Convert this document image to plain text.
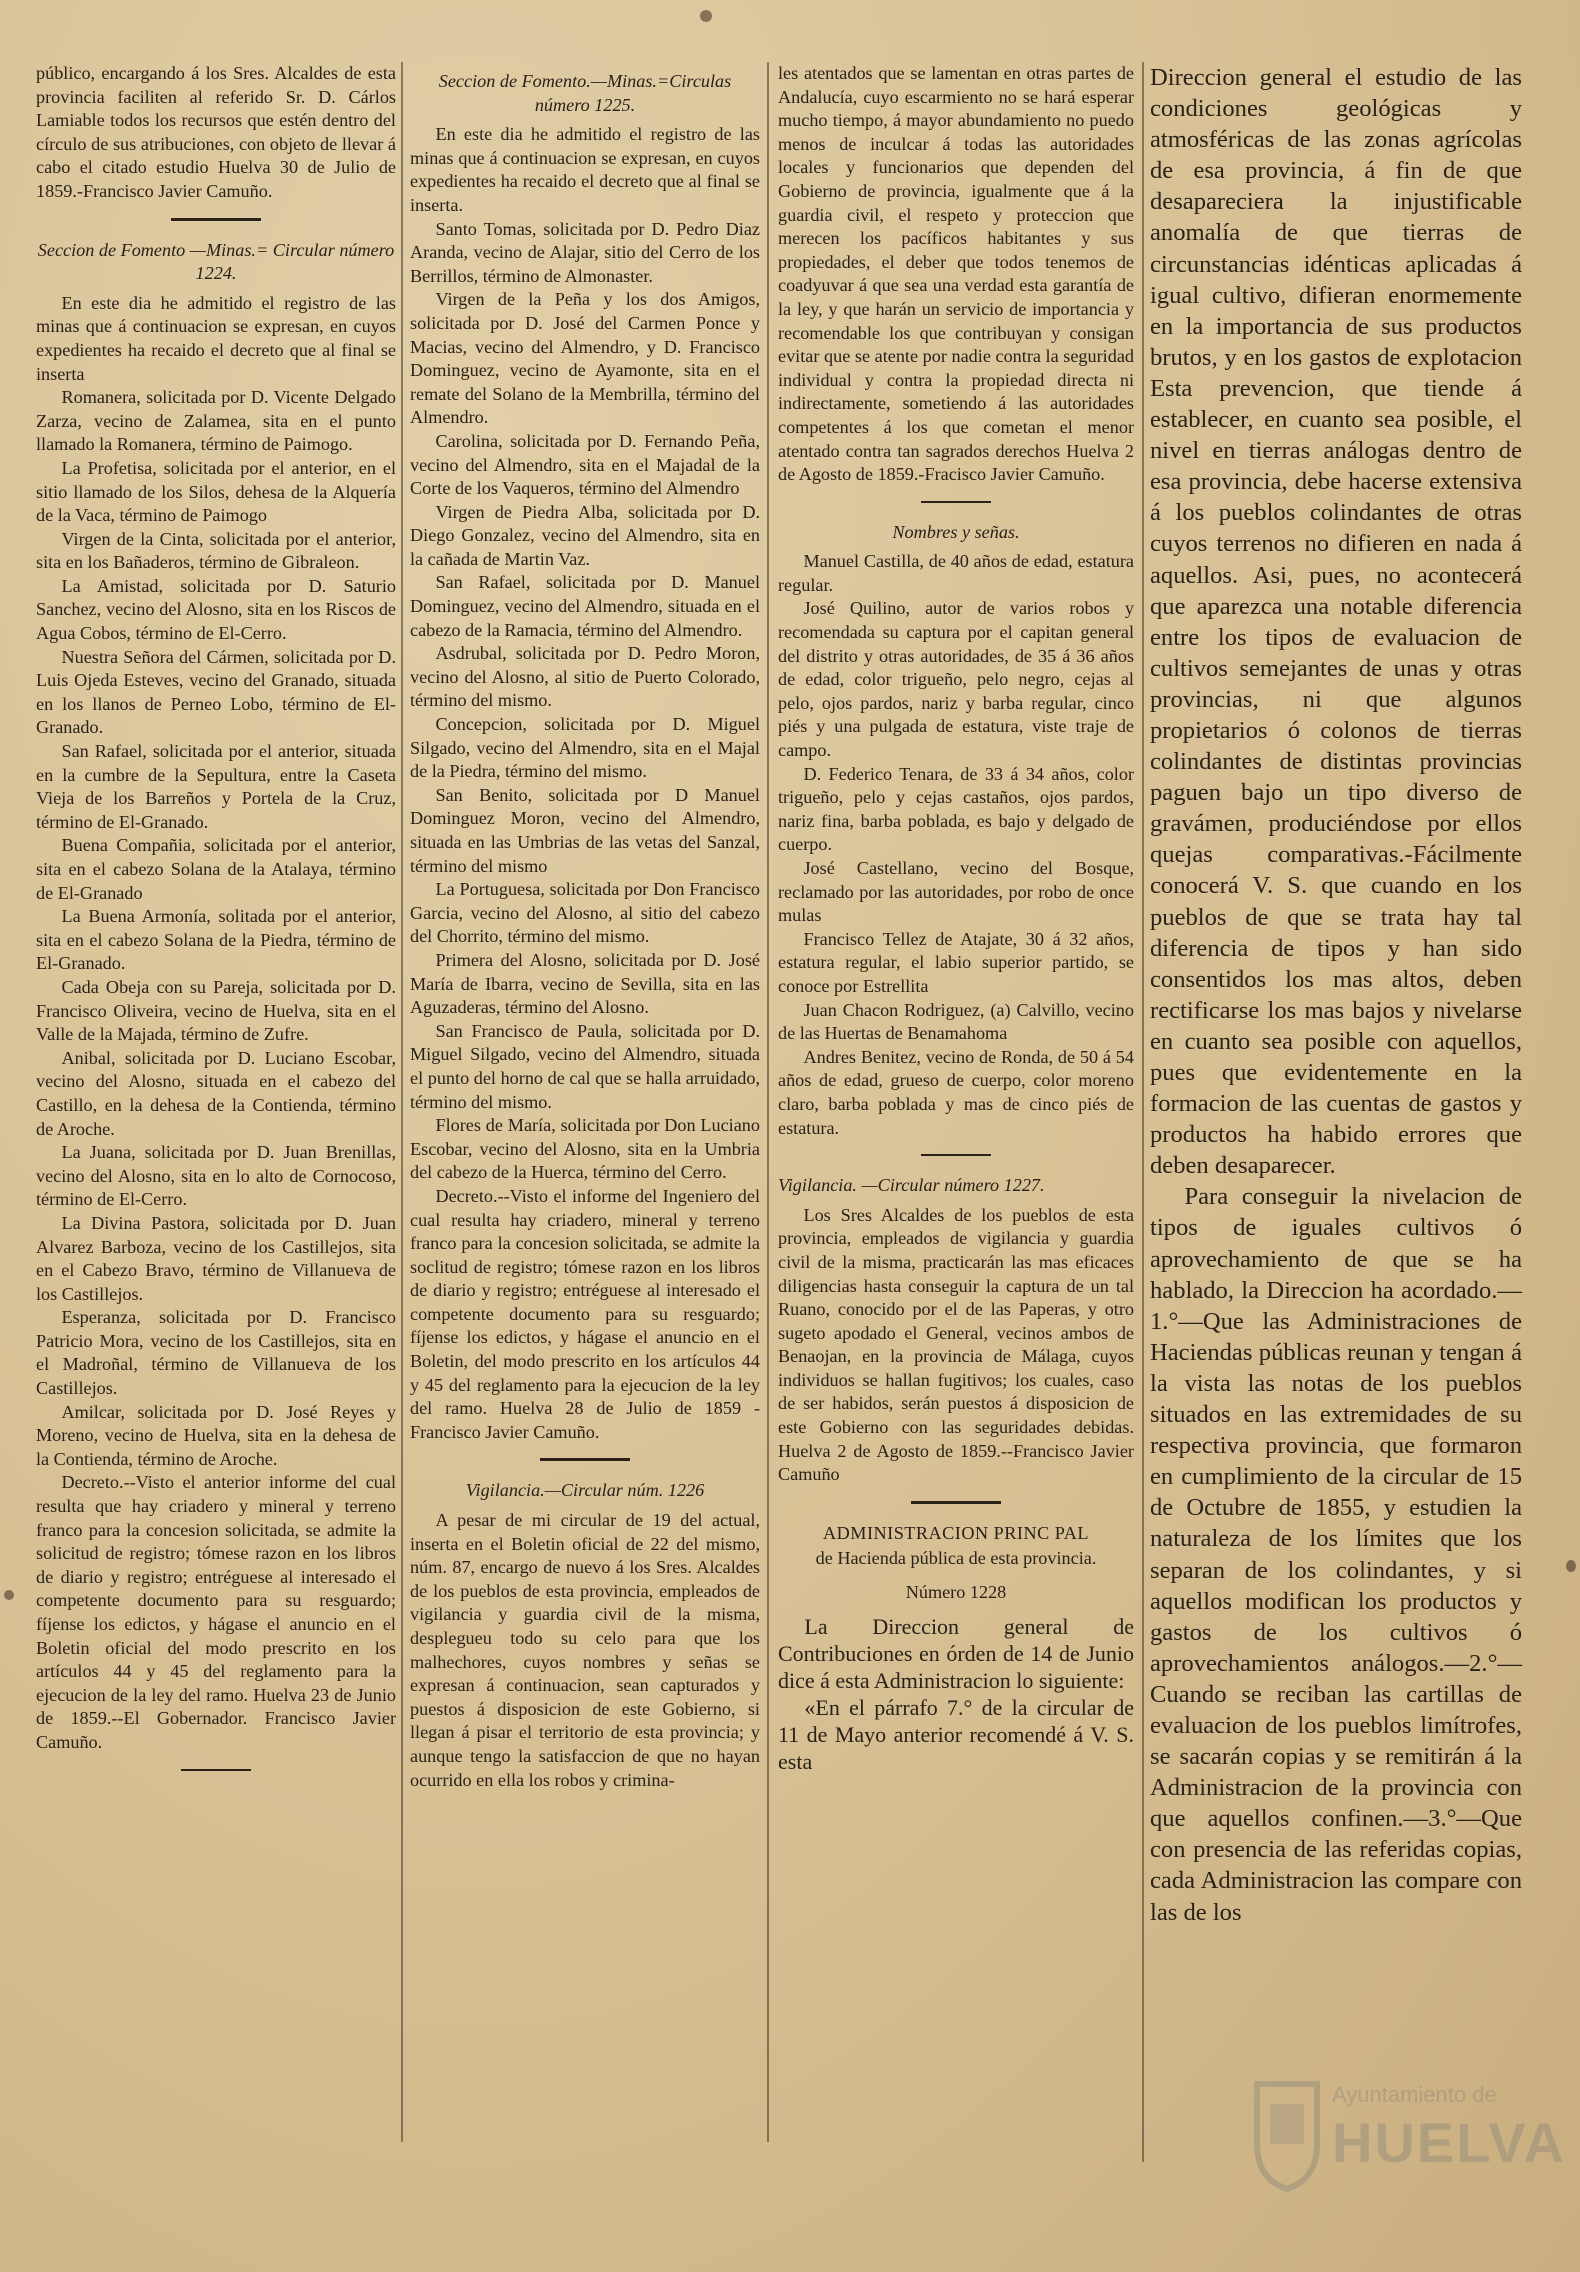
público, encargando á los Sres. Alcaldes de esta provincia faciliten al referido Sr. D. Cárlos Lamiable todos los recursos que estén dentro del círculo de sus atribuciones, con objeto de llevar á cabo el citado estudio Huelva 30 de Julio de 1859.-Francisco Javier Camuño.

Seccion de Fomento —Minas.= Circular número 1224.

En este dia he admitido el registro de las minas que á continuacion se expresan, en cuyos expedientes ha recaido el decreto que al final se inserta

Romanera, solicitada por D. Vicente Delgado Zarza, vecino de Zalamea, sita en el punto llamado la Romanera, término de Paimogo.

La Profetisa, solicitada por el anterior, en el sitio llamado de los Silos, dehesa de la Alquería de la Vaca, término de Paimogo

Virgen de la Cinta, solicitada por el anterior, sita en los Bañaderos, término de Gibraleon.

La Amistad, solicitada por D. Saturio Sanchez, vecino del Alosno, sita en los Riscos de Agua Cobos, término de El-Cerro.

Nuestra Señora del Cármen, solicitada por D. Luis Ojeda Esteves, vecino del Granado, situada en los llanos de Perneo Lobo, término de El-Granado.

San Rafael, solicitada por el anterior, situada en la cumbre de la Sepultura, entre la Caseta Vieja de los Barreños y Portela de la Cruz, término de El-Granado.

Buena Compañia, solicitada por el anterior, sita en el cabezo Solana de la Atalaya, término de El-Granado

La Buena Armonía, solitada por el anterior, sita en el cabezo Solana de la Piedra, término de El-Granado.

Cada Obeja con su Pareja, solicitada por D. Francisco Oliveira, vecino de Huelva, sita en el Valle de la Majada, término de Zufre.

Anibal, solicitada por D. Luciano Escobar, vecino del Alosno, situada en el cabezo del Castillo, en la dehesa de la Contienda, término de Aroche.

La Juana, solicitada por D. Juan Brenillas, vecino del Alosno, sita en lo alto de Cornocoso, término de El-Cerro.

La Divina Pastora, solicitada por D. Juan Alvarez Barboza, vecino de los Castillejos, sita en el Cabezo Bravo, término de Villanueva de los Castillejos.

Esperanza, solicitada por D. Francisco Patricio Mora, vecino de los Castillejos, sita en el Madroñal, término de Villanueva de los Castillejos.

Amilcar, solicitada por D. José Reyes y Moreno, vecino de Huelva, sita en la dehesa de la Contienda, término de Aroche.

Decreto.--Visto el anterior informe del cual resulta que hay criadero y mineral y terreno franco para la concesion solicitada, se admite la solicitud de registro; tómese razon en los libros de diario y registro; entréguese al interesado el competente documento para su resguardo; fíjense los edictos, y hágase el anuncio en el Boletin oficial del modo prescrito en los artículos 44 y 45 del reglamento para la ejecucion de la ley del ramo. Huelva 23 de Junio de 1859.--El Gobernador. Francisco Javier Camuño.

Seccion de Fomento.—Minas.=Circulas número 1225.

En este dia he admitido el registro de las minas que á continuacion se expresan, en cuyos expedientes ha recaido el decreto que al final se inserta.

Santo Tomas, solicitada por D. Pedro Diaz Aranda, vecino de Alajar, sitio del Cerro de los Berrillos, término de Almonaster.

Virgen de la Peña y los dos Amigos, solicitada por D. José del Carmen Ponce y Macias, vecino del Almendro, y D. Francisco Dominguez, vecino de Ayamonte, sita en el remate del Solano de la Membrilla, término del Almendro.

Carolina, solicitada por D. Fernando Peña, vecino del Almendro, sita en el Majadal de la Corte de los Vaqueros, término del Almendro

Virgen de Piedra Alba, solicitada por D. Diego Gonzalez, vecino del Almendro, sita en la cañada de Martin Vaz.

San Rafael, solicitada por D. Manuel Dominguez, vecino del Almendro, situada en el cabezo de la Ramacia, término del Almendro.

Asdrubal, solicitada por D. Pedro Moron, vecino del Alosno, al sitio de Puerto Colorado, término del mismo.

Concepcion, solicitada por D. Miguel Silgado, vecino del Almendro, sita en el Majal de la Piedra, término del mismo.

San Benito, solicitada por D Manuel Dominguez Moron, vecino del Almendro, situada en las Umbrias de las vetas del Sanzal, término del mismo

La Portuguesa, solicitada por Don Francisco Garcia, vecino del Alosno, al sitio del cabezo del Chorrito, término del mismo.

Primera del Alosno, solicitada por D. José María de Ibarra, vecino de Sevilla, sita en las Aguzaderas, término del Alosno.

San Francisco de Paula, solicitada por D. Miguel Silgado, vecino del Almendro, situada el punto del horno de cal que se halla arruidado, término del mismo.

Flores de María, solicitada por Don Luciano Escobar, vecino del Alosno, sita en la Umbria del cabezo de la Huerca, término del Cerro.

Decreto.--Visto el informe del Ingeniero del cual resulta hay criadero, mineral y terreno franco para la concesion solicitada, se admite la soclitud de registro; tómese razon en los libros de diario y registro; entréguese al interesado el competente documento para su resguardo; fíjense los edictos, y hágase el anuncio en el Boletin, del modo prescrito en los artículos 44 y 45 del reglamento para la ejecucion de la ley del ramo. Huelva 28 de Julio de 1859 -Francisco Javier Camuño.

Vigilancia.—Circular núm. 1226

A pesar de mi circular de 19 del actual, inserta en el Boletin oficial de 22 del mismo, núm. 87, encargo de nuevo á los Sres. Alcaldes de los pueblos de esta provincia, empleados de vigilancia y guardia civil de la misma, desplegueu todo su celo para que los malhechores, cuyos nombres y señas se expresan á continuacion, sean capturados y puestos á disposicion de este Gobierno, si llegan á pisar el territorio de esta provincia; y aunque tengo la satisfaccion de que no hayan ocurrido en ella los robos y crimina-

les atentados que se lamentan en otras partes de Andalucía, cuyo escarmiento no se hará esperar mucho tiempo, á mayor abundamiento no puedo menos de inculcar á todas las autoridades locales y funcionarios que dependen del Gobierno de provincia, igualmente que á la guardia civil, el respeto y proteccion que merecen los pacíficos habitantes y sus propiedades, el deber que todos tenemos de coadyuvar á que sea una verdad esta garantía de la ley, y que harán un servicio de importancia y recomendable los que contribuyan y consigan evitar que se atente por nadie contra la seguridad individual y contra la propiedad directa ni indirectamente, sometiendo á las autoridades competentes á los que cometan el menor atentado contra tan sagrados derechos Huelva 2 de Agosto de 1859.-Fracisco Javier Camuño.

Nombres y señas.

Manuel Castilla, de 40 años de edad, estatura regular.

José Quilino, autor de varios robos y recomendada su captura por el capitan general del distrito y otras autoridades, de 35 á 36 años de edad, color trigueño, pelo negro, cejas al pelo, ojos pardos, nariz y barba regular, cinco piés y una pulgada de estatura, viste traje de campo.

D. Federico Tenara, de 33 á 34 años, color trigueño, pelo y cejas castaños, ojos pardos, nariz fina, barba poblada, es bajo y delgado de cuerpo.

José Castellano, vecino del Bosque, reclamado por las autoridades, por robo de once mulas

Francisco Tellez de Atajate, 30 á 32 años, estatura regular, el labio superior partido, se conoce por Estrellita

Juan Chacon Rodriguez, (a) Calvillo, vecino de las Huertas de Benamahoma

Andres Benitez, vecino de Ronda, de 50 á 54 años de edad, grueso de cuerpo, color moreno claro, barba poblada y mas de cinco piés de estatura.

Vigilancia. —Circular número 1227.

Los Sres Alcaldes de los pueblos de esta provincia, empleados de vigilancia y guardia civil de la misma, practicarán las mas eficaces diligencias hasta conseguir la captura de un tal Ruano, conocido por el de las Paperas, y otro sugeto apodado el General, vecinos ambos de Benaojan, en la provincia de Málaga, cuyos individuos se hallan fugitivos; los cuales, caso de ser habidos, serán puestos á disposicion de este Gobierno con las seguridades debidas. Huelva 2 de Agosto de 1859.--Francisco Javier Camuño

ADMINISTRACION PRINC PAL

de Hacienda pública de esta provincia.

Número 1228

La Direccion general de Contribuciones en órden de 14 de Junio dice á esta Administracion lo siguiente:

«En el párrafo 7.° de la circular de 11 de Mayo anterior recomendé á V. S. esta

Direccion general el estudio de las condiciones geológicas y atmosféricas de las zonas agrícolas de esa provincia, á fin de que desapareciera la injustificable anomalía de que tierras de circunstancias idénticas aplicadas á igual cultivo, difieran enormemente en la importancia de sus productos brutos, y en los gastos de explotacion Esta prevencion, que tiende á establecer, en cuanto sea posible, el nivel en tierras análogas dentro de esa provincia, debe hacerse extensiva á los pueblos colindantes de otras cuyos terrenos no difieren en nada á aquellos. Asi, pues, no acontecerá que aparezca una notable diferencia entre los tipos de evaluacion de cultivos semejantes de unas y otras provincias, ni que algunos propietarios ó colonos de tierras colindantes de distintas provincias paguen bajo un tipo diverso de gravámen, produciéndose por ellos quejas comparativas.-Fácilmente conocerá V. S. que cuando en los pueblos de que se trata hay tal diferencia de tipos y han sido consentidos los mas altos, deben rectificarse los mas bajos y nivelarse en cuanto sea posible con aquellos, pues que evidentemente en la formacion de las cuentas de gastos y productos ha habido errores que deben desaparecer.

Para conseguir la nivelacion de tipos de iguales cultivos ó aprovechamiento de que se ha hablado, la Direccion ha acordado.—1.°—Que las Administraciones de Haciendas públicas reunan y tengan á la vista las notas de los pueblos situados en las extremidades de su respectiva provincia, que formaron en cumplimiento de la circular de 15 de Octubre de 1855, y estudien la naturaleza de los límites que los separan de los colindantes, y si aquellos modifican los productos y gastos de los cultivos ó aprovechamientos análogos.—2.°—Cuando se reciban las cartillas de evaluacion de los pueblos limítrofes, se sacarán copias y se remitirán á la Administracion de la provincia con que aquellos confinen.—3.°—Que con presencia de las referidas copias, cada Administracion las compare con las de los

Ayuntamiento de
HUELVA
